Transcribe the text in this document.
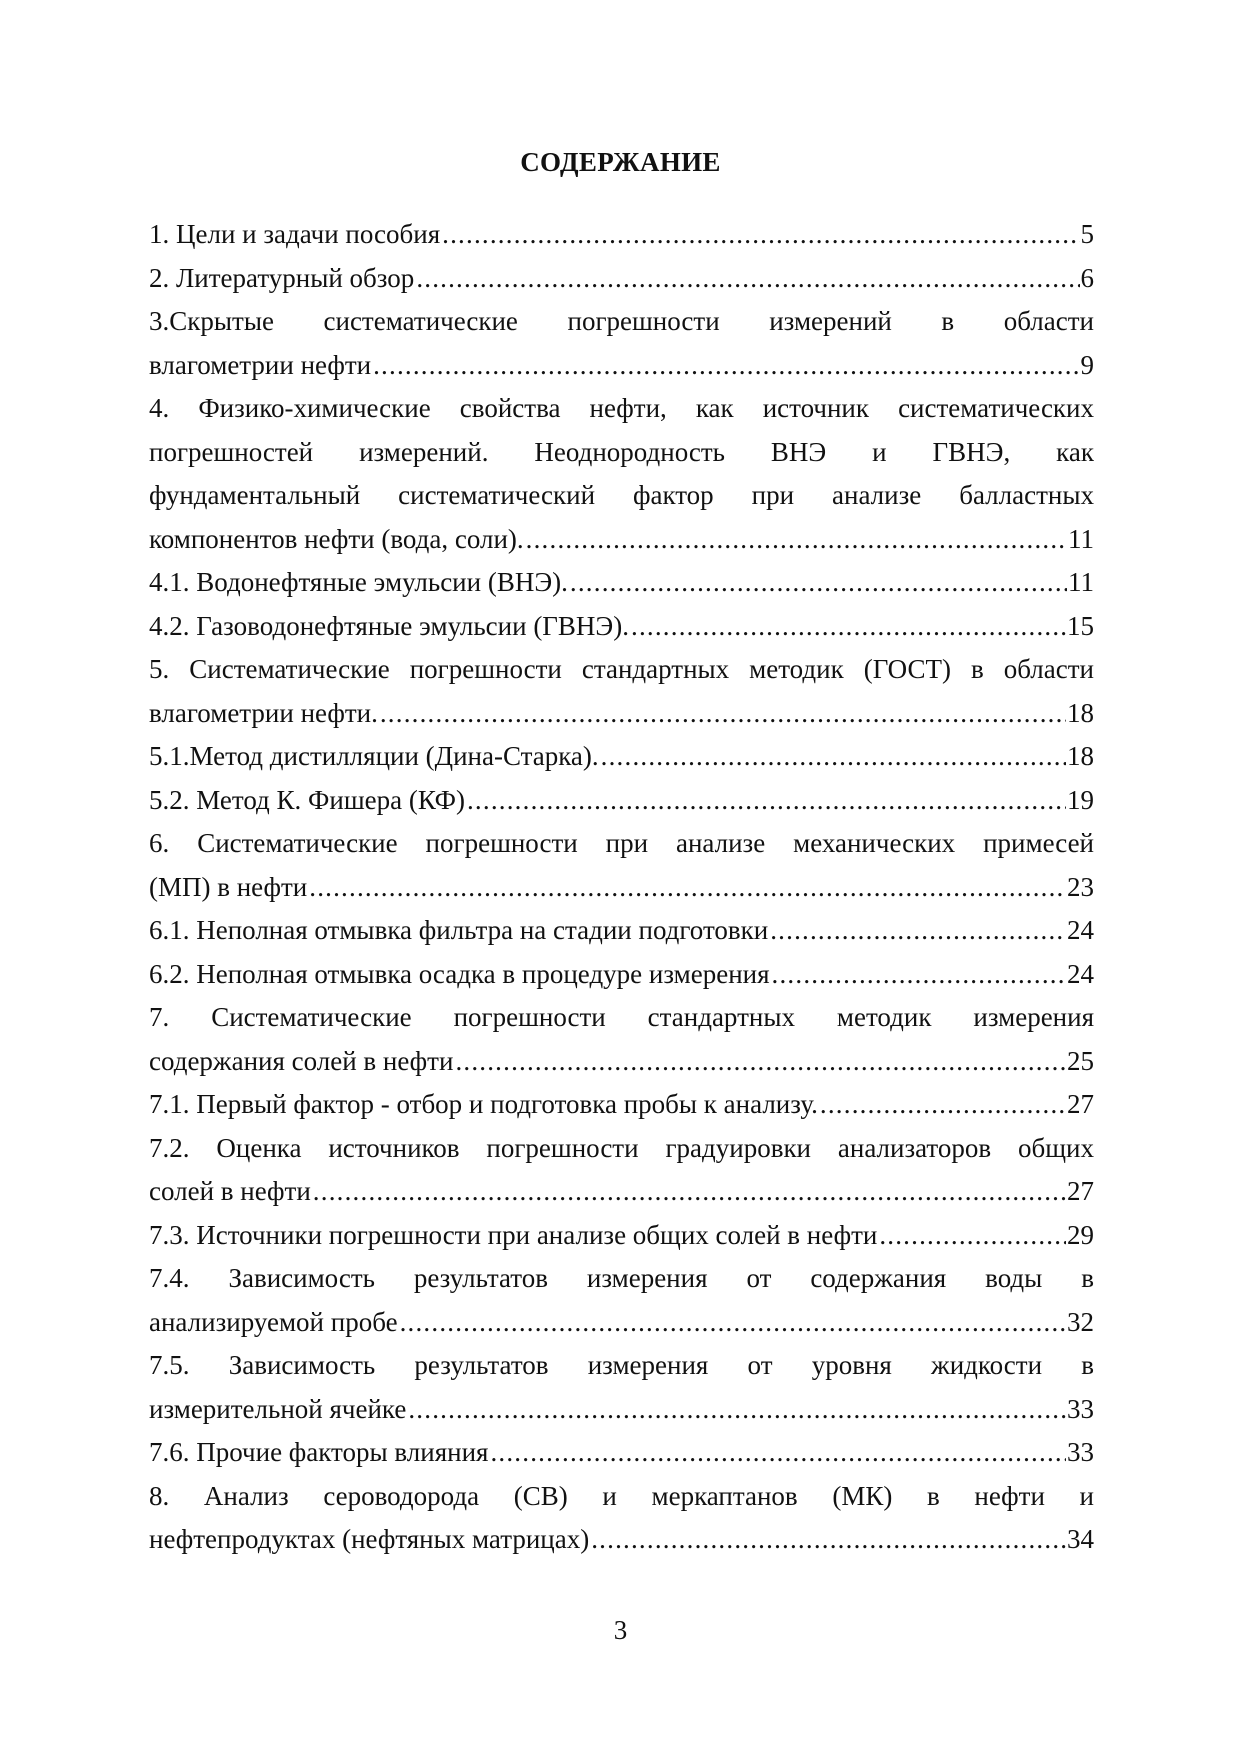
СОДЕРЖАНИЕ
1. Цели и задачи пособия .....	5
2. Литературный обзор .....	6
3.Скрытые систематические погрешности измерений в области
влагометрии нефти .....	9
4. Физико-химические свойства нефти, как источник систематических
погрешностей измерений. Неоднородность ВНЭ и ГВНЭ, как
фундаментальный систематический фактор при анализе балластных
компонентов нефти (вода, соли). .....	11
4.1. Водонефтяные эмульсии (ВНЭ). .....	11
4.2. Газоводонефтяные эмульсии (ГВНЭ). .....	15
5. Систематические погрешности стандартных методик (ГОСТ) в области
влагометрии нефти. .....	18
5.1.Метод дистилляции (Дина-Старка). .....	18
5.2. Метод К. Фишера (КФ) .....	19
6. Систематические погрешности при анализе механических примесей
(МП) в нефти .....	23
6.1. Неполная отмывка фильтра на стадии подготовки .....	24
6.2. Неполная отмывка осадка в процедуре измерения .....	24
7. Систематические погрешности стандартных методик измерения
содержания солей в нефти .....	25
7.1. Первый фактор - отбор и подготовка пробы к анализу. .....	27
7.2. Оценка источников погрешности градуировки анализаторов общих
солей в нефти .....	27
7.3. Источники погрешности при анализе общих солей в нефти .....	29
7.4. Зависимость результатов измерения от содержания воды в
анализируемой пробе .....	32
7.5. Зависимость результатов измерения от уровня жидкости в
измерительной ячейке .....	33
7.6. Прочие факторы влияния .....	33
8. Анализ сероводорода (СВ) и меркаптанов (МК) в нефти и
нефтепродуктах (нефтяных матрицах) .....	34
3
